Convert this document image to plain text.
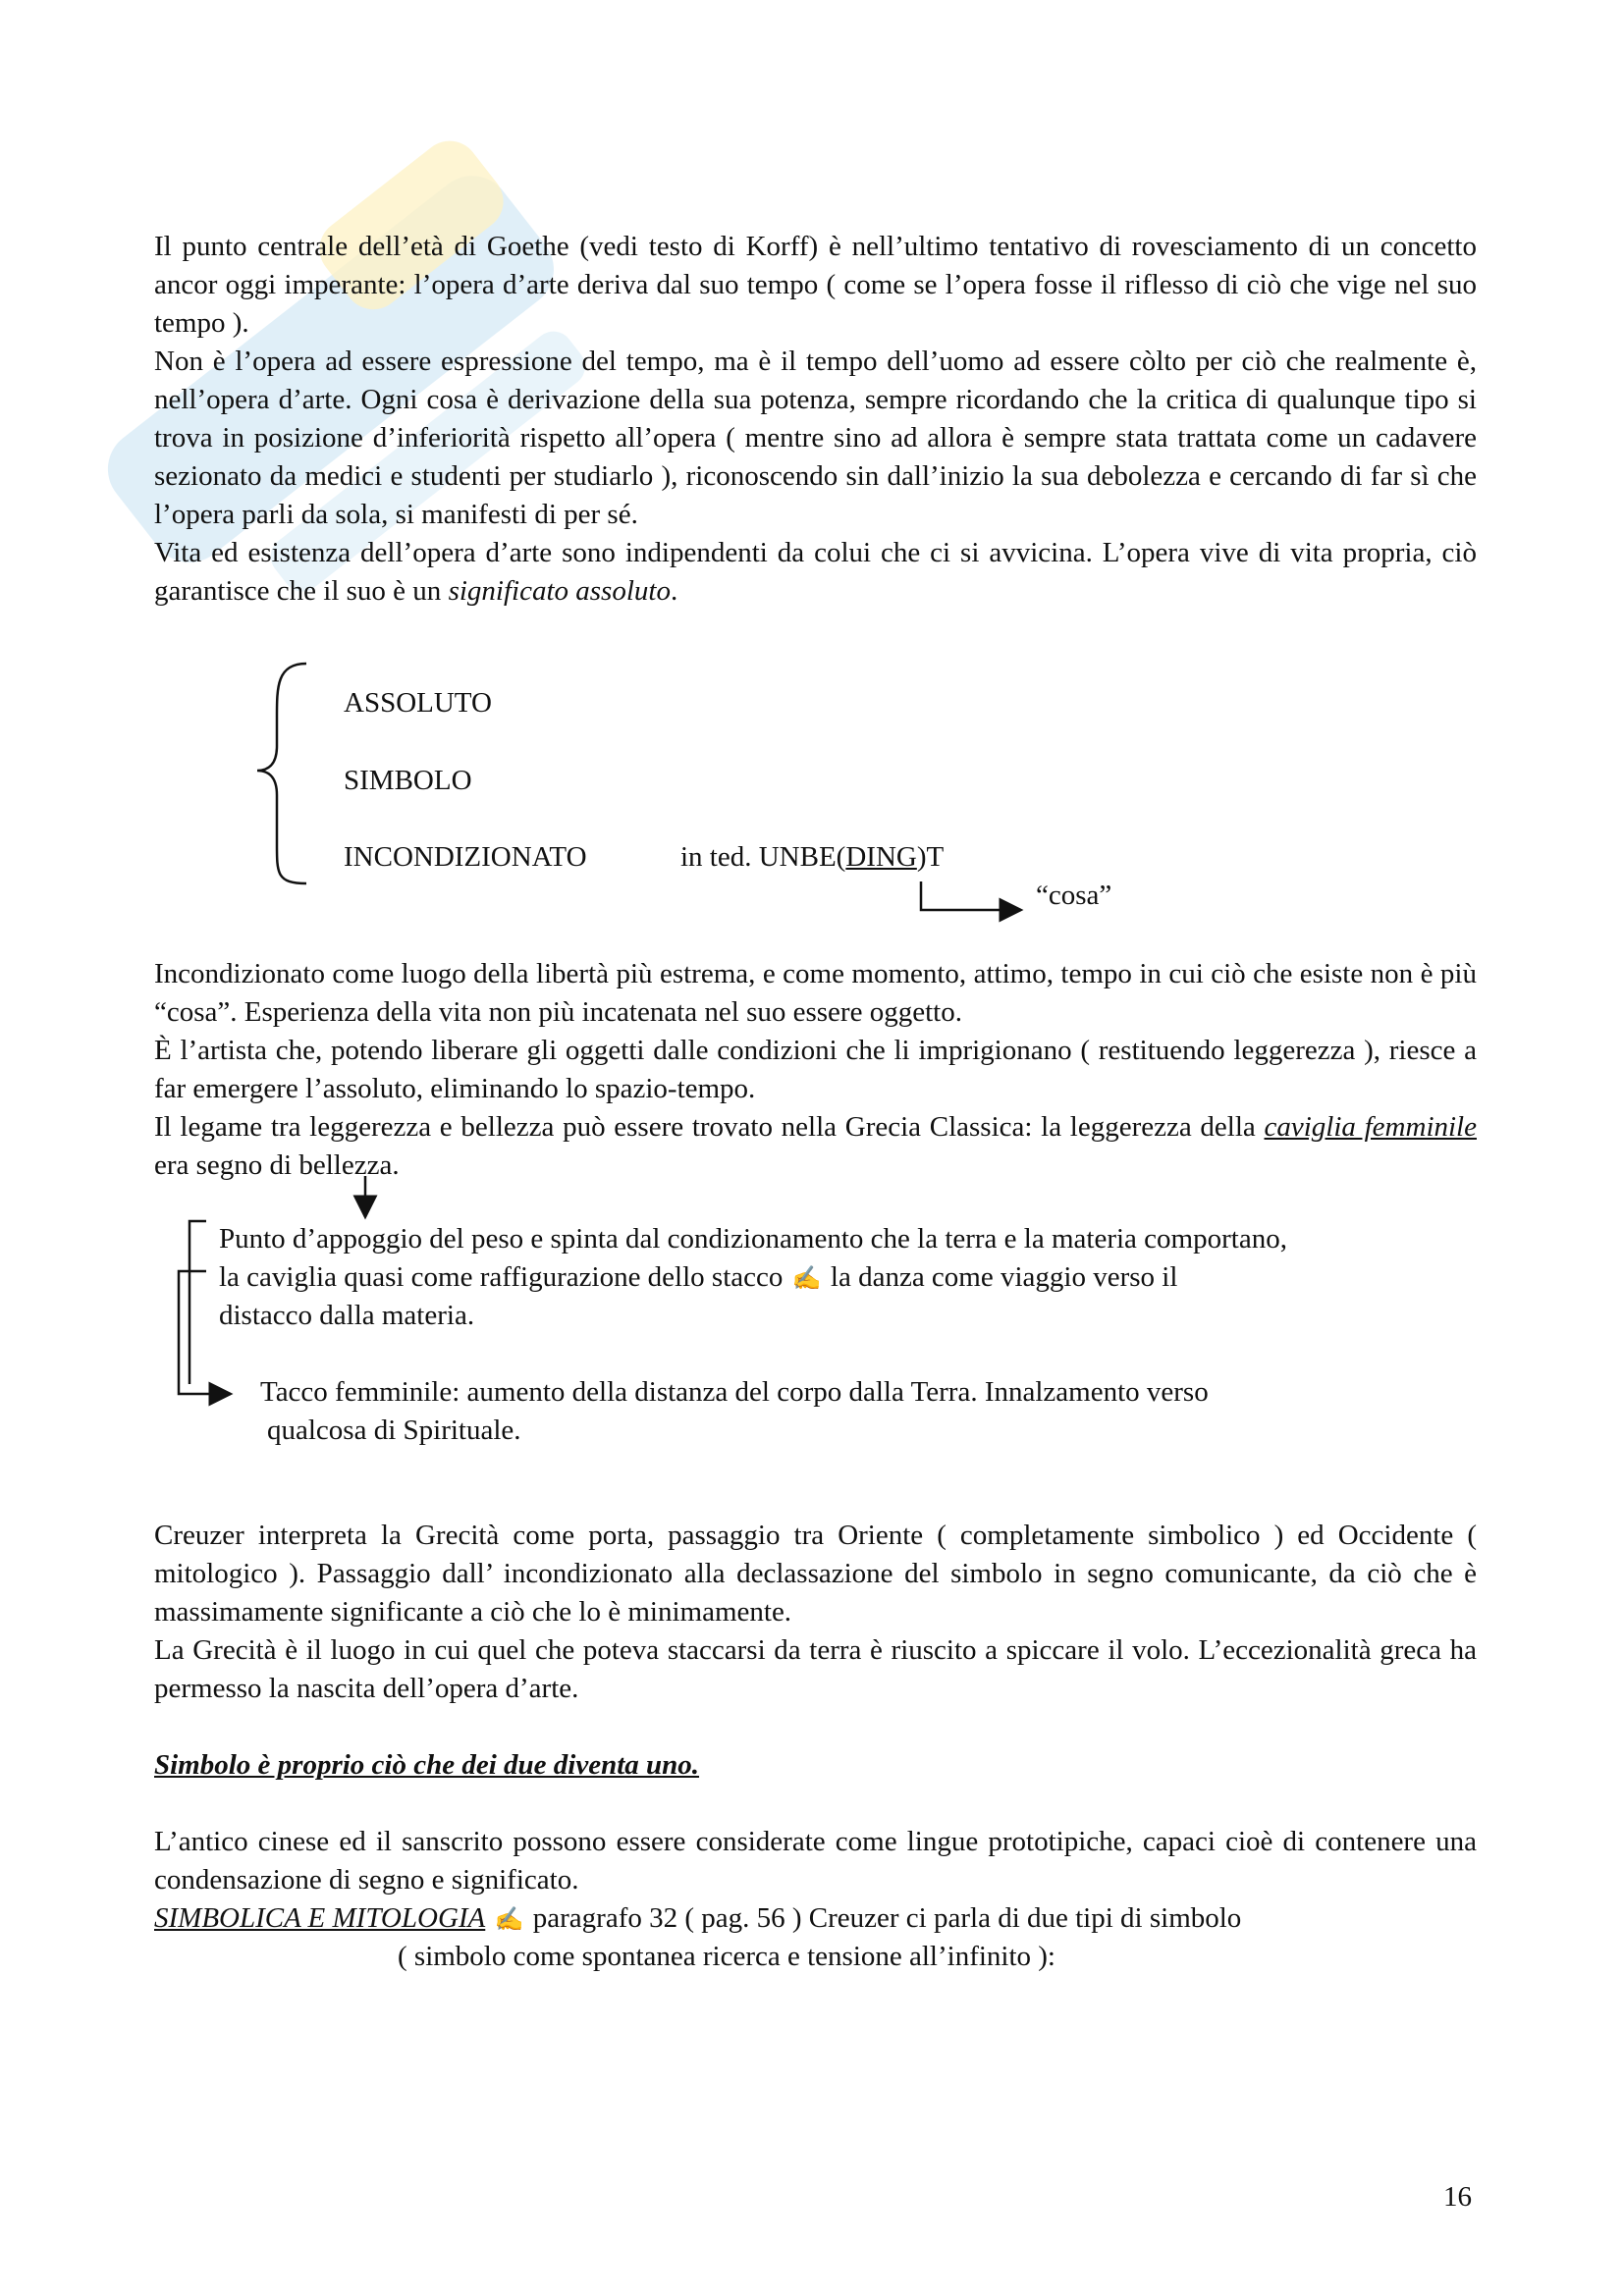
Il punto centrale dell’età di Goethe (vedi testo di Korff) è nell’ultimo tentativo di rovesciamento di un concetto ancor oggi imperante: l’opera d’arte deriva dal suo tempo ( come se l’opera fosse il riflesso di ciò che vige nel suo tempo ).

Non è l’opera ad essere espressione del tempo, ma è il tempo dell’uomo ad essere còlto per ciò che realmente è, nell’opera d’arte. Ogni cosa è derivazione della sua potenza, sempre ricordando che la critica di qualunque tipo si trova in posizione d’inferiorità rispetto all’opera ( mentre sino ad allora è sempre stata trattata come un cadavere sezionato da medici e studenti per studiarlo ), riconoscendo sin dall’inizio la sua debolezza e cercando di far sì che l’opera parli da sola, si manifesti di per sé.

Vita ed esistenza dell’opera d’arte sono indipendenti da colui che ci si avvicina. L’opera vive di vita propria, ciò garantisce che il suo è un significato assoluto.

ASSOLUTO
SIMBOLO
INCONDIZIONATO	in ted. UNBE(DING)T
“cosa”

Incondizionato come luogo della libertà più estrema, e come momento, attimo, tempo in cui ciò che esiste non è più “cosa”. Esperienza della vita non più incatenata nel suo essere oggetto.

È l’artista che, potendo liberare gli oggetti dalle condizioni che li imprigionano ( restituendo leggerezza ), riesce a far emergere l’assoluto, eliminando lo spazio-tempo.

Il legame tra leggerezza e bellezza può essere trovato nella Grecia Classica: la leggerezza della caviglia femminile era segno di bellezza.

Punto d’appoggio del peso e spinta dal condizionamento che la terra e la materia comportano,
la caviglia quasi come raffigurazione dello stacco ✍ la danza come viaggio verso il
distacco dalla materia.
Tacco femminile: aumento della distanza del corpo dalla Terra. Innalzamento verso
qualcosa di Spirituale.

Creuzer interpreta la Grecità come porta, passaggio tra Oriente ( completamente simbolico ) ed Occidente ( mitologico ). Passaggio dall’ incondizionato alla declassazione del simbolo in segno comunicante, da ciò che è massimamente significante a ciò che lo è minimamente.

La Grecità è il luogo in cui quel che poteva staccarsi da terra è riuscito a spiccare il volo. L’eccezionalità greca ha permesso la nascita dell’opera d’arte.

Simbolo è proprio ciò che dei due diventa uno.

L’antico cinese ed il sanscrito possono essere considerate come lingue prototipiche, capaci cioè di contenere una condensazione di segno e significato.

SIMBOLICA E MITOLOGIA ✍ paragrafo 32 ( pag. 56 ) Creuzer ci parla di due tipi di simbolo
( simbolo come spontanea ricerca e tensione all’infinito ):
16
